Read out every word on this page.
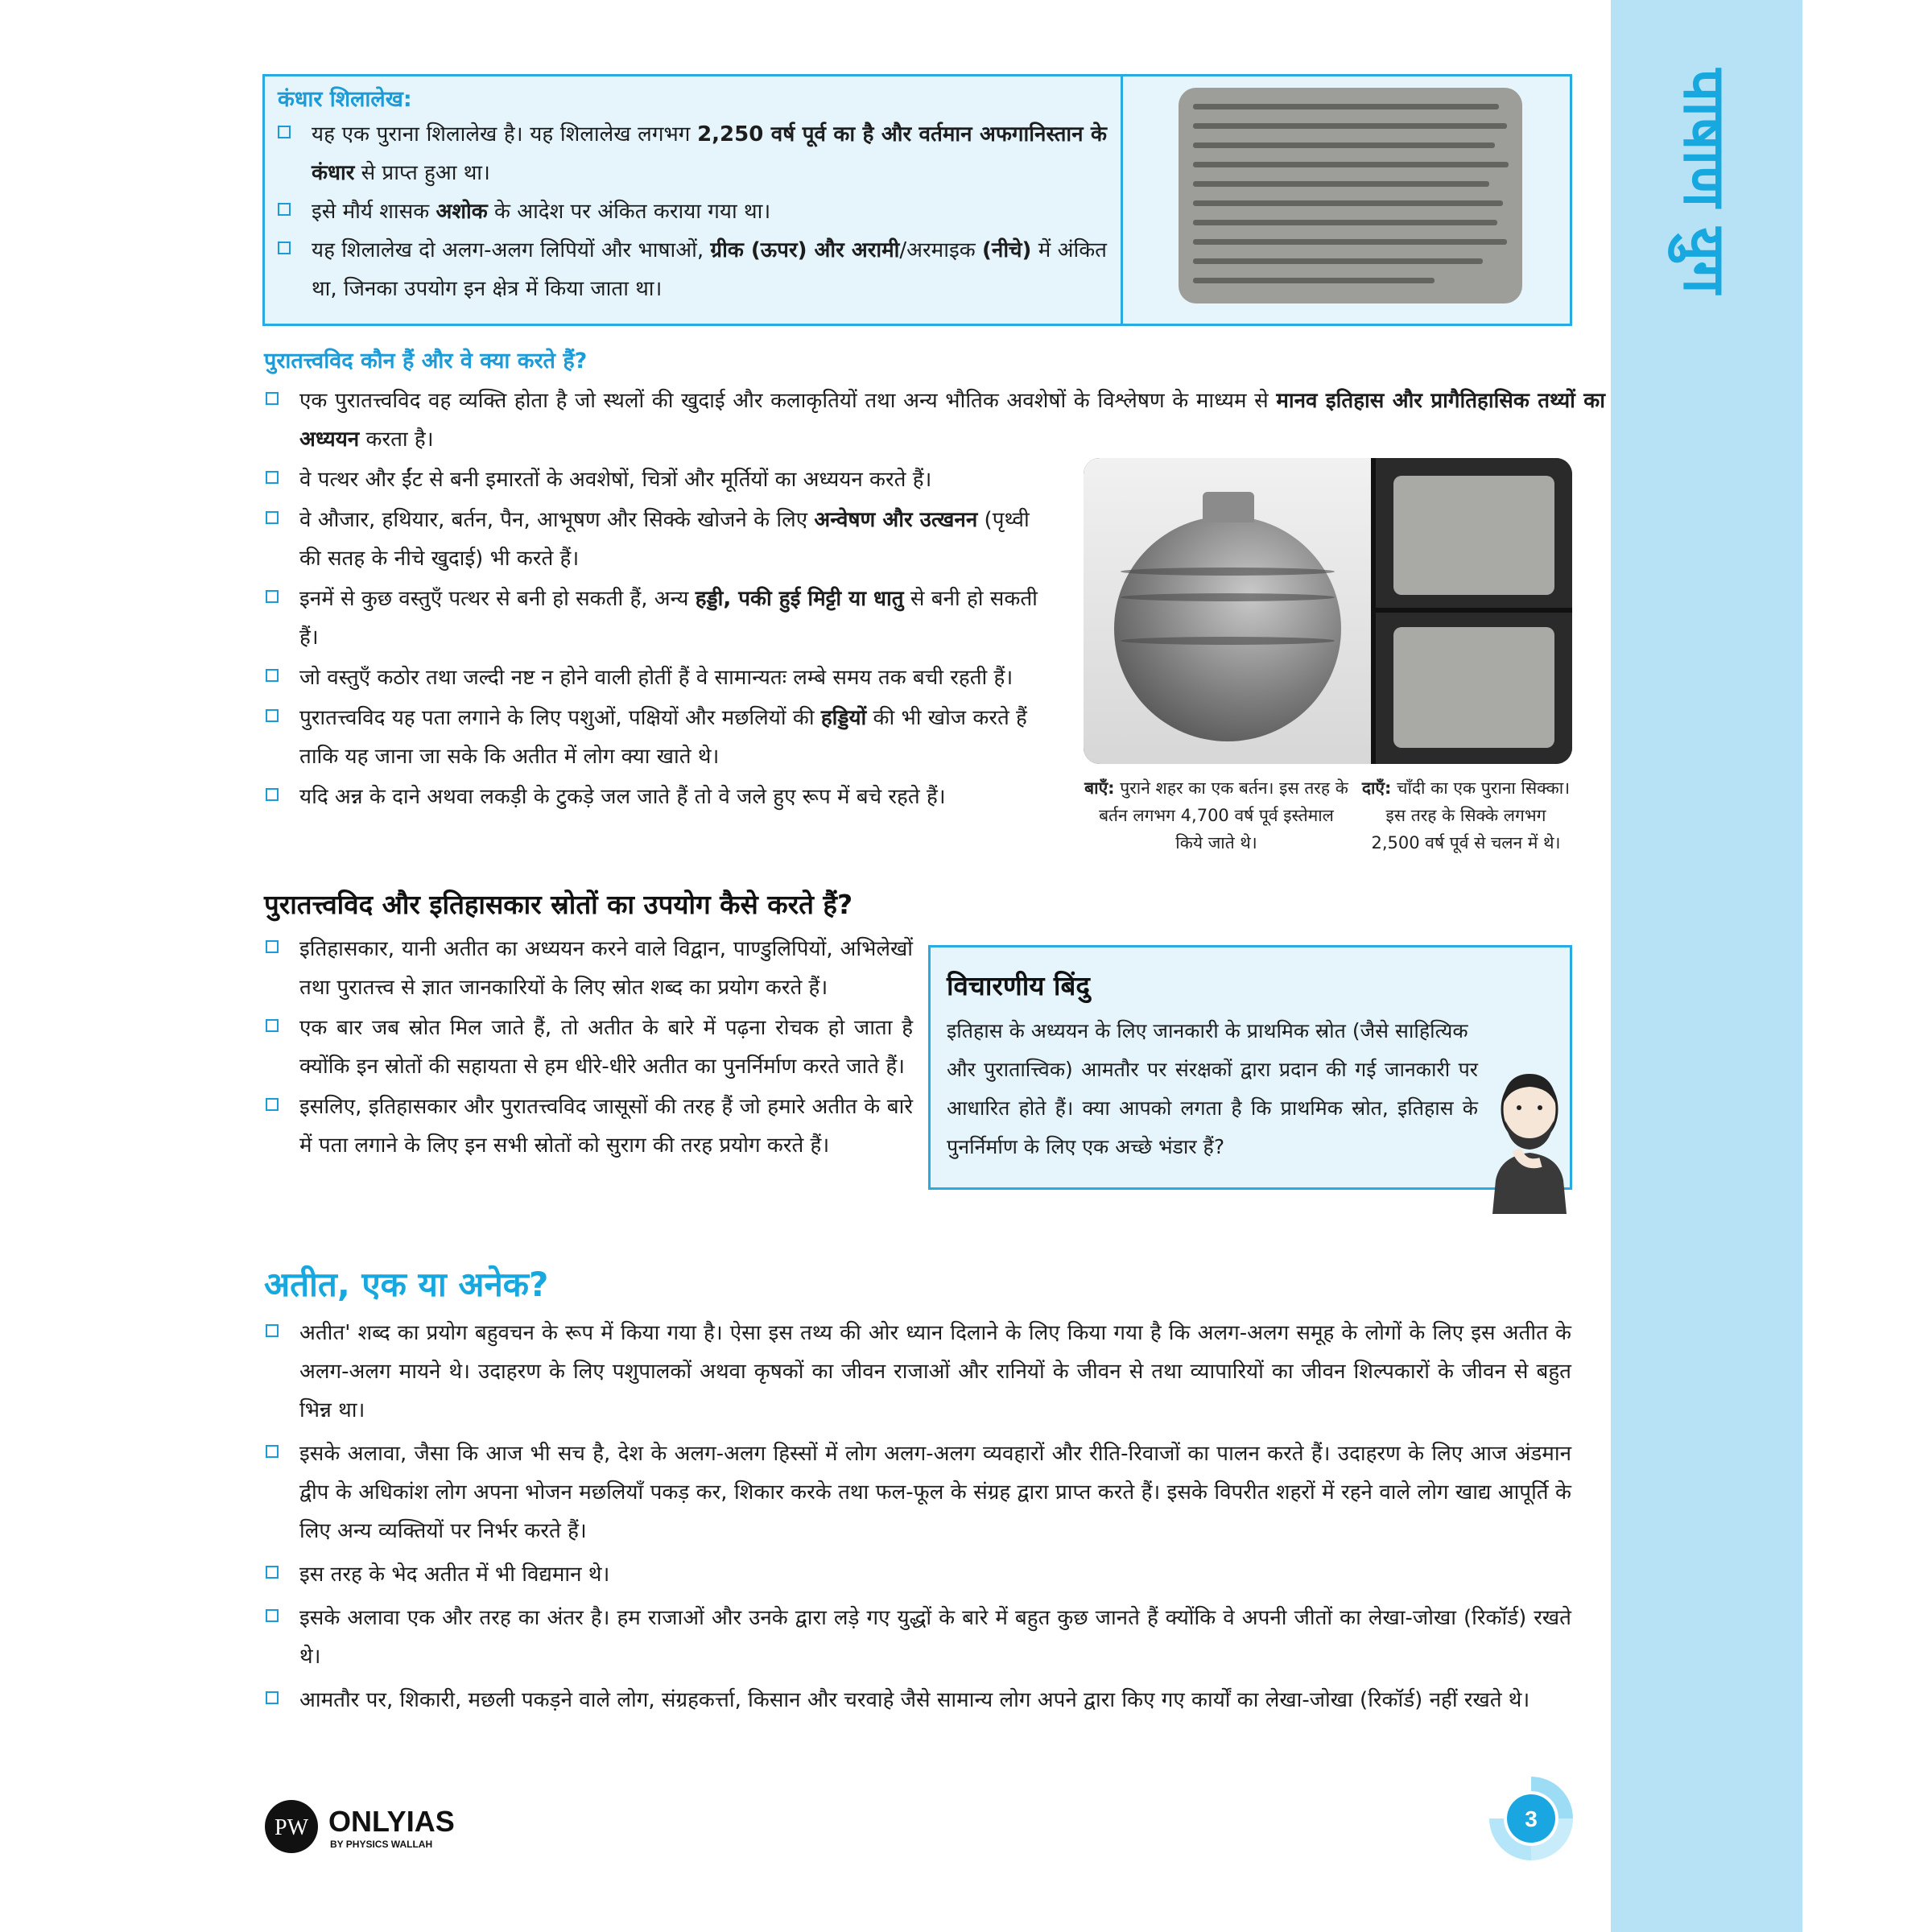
पाषाण युग
कंधार शिलालेख:
यह एक पुराना शिलालेख है। यह शिलालेख लगभग 2,250 वर्ष पूर्व का है और वर्तमान अफगानिस्तान के कंधार से प्राप्त हुआ था।
इसे मौर्य शासक अशोक के आदेश पर अंकित कराया गया था।
यह शिलालेख दो अलग-अलग लिपियों और भाषाओं, ग्रीक (ऊपर) और अरामी/अरमाइक (नीचे) में अंकित था, जिनका उपयोग इन क्षेत्र में किया जाता था।
पुरातत्त्वविद कौन हैं और वे क्या करते हैं?
एक पुरातत्त्वविद वह व्यक्ति होता है जो स्थलों की खुदाई और कलाकृतियों तथा अन्य भौतिक अवशेषों के विश्लेषण के माध्यम से मानव इतिहास और प्रागैतिहासिक तथ्यों का अध्ययन करता है।
वे पत्थर और ईंट से बनी इमारतों के अवशेषों, चित्रों और मूर्तियों का अध्ययन करते हैं।
वे औजार, हथियार, बर्तन, पैन, आभूषण और सिक्के खोजने के लिए अन्वेषण और उत्खनन (पृथ्वी की सतह के नीचे खुदाई) भी करते हैं।
इनमें से कुछ वस्तुएँ पत्थर से बनी हो सकती हैं, अन्य हड्डी, पकी हुई मिट्टी या धातु से बनी हो सकती हैं।
जो वस्तुएँ कठोर तथा जल्दी नष्ट न होने वाली होतीं हैं वे सामान्यतः लम्बे समय तक बची रहती हैं।
पुरातत्त्वविद यह पता लगाने के लिए पशुओं, पक्षियों और मछलियों की हड्डियों की भी खोज करते हैं ताकि यह जाना जा सके कि अतीत में लोग क्या खाते थे।
यदि अन्न के दाने अथवा लकड़ी के टुकड़े जल जाते हैं तो वे जले हुए रूप में बचे रहते हैं।	बाएँ: पुराने शहर का एक बर्तन। इस तरह के बर्तन लगभग 4,700 वर्ष पूर्व इस्तेमाल किये जाते थे।
दाएँ: चाँदी का एक पुराना सिक्का। इस तरह के सिक्के लगभग 2,500 वर्ष पूर्व से चलन में थे।
पुरातत्त्वविद और इतिहासकार स्रोतों का उपयोग कैसे करते हैं?
इतिहासकार, यानी अतीत का अध्ययन करने वाले विद्वान, पाण्डुलिपियों, अभिलेखों तथा पुरातत्त्व से ज्ञात जानकारियों के लिए स्रोत शब्द का प्रयोग करते हैं।
एक बार जब स्रोत मिल जाते हैं, तो अतीत के बारे में पढ़ना रोचक हो जाता है क्योंकि इन स्रोतों की सहायता से हम धीरे-धीरे अतीत का पुनर्निर्माण करते जाते हैं।
इसलिए, इतिहासकार और पुरातत्त्वविद जासूसों की तरह हैं जो हमारे अतीत के बारे में पता लगाने के लिए इन सभी स्रोतों को सुराग की तरह प्रयोग करते हैं।
विचारणीय बिंदु
इतिहास के अध्ययन के लिए जानकारी के प्राथमिक स्रोत (जैसे साहित्यिक
और पुरातात्त्विक) आमतौर पर संरक्षकों द्वारा प्रदान की गई जानकारी पर आधारित होते हैं। क्या आपको लगता है कि प्राथमिक स्रोत, इतिहास के पुनर्निर्माण के लिए एक अच्छे भंडार हैं?
अतीत, एक या अनेक?
अतीत' शब्द का प्रयोग बहुवचन के रूप में किया गया है। ऐसा इस तथ्य की ओर ध्यान दिलाने के लिए किया गया है कि अलग-अलग समूह के लोगों के लिए इस अतीत के अलग-अलग मायने थे। उदाहरण के लिए पशुपालकों अथवा कृषकों का जीवन राजाओं और रानियों के जीवन से तथा व्यापारियों का जीवन शिल्पकारों के जीवन से बहुत भिन्न था।
इसके अलावा, जैसा कि आज भी सच है, देश के अलग-अलग हिस्सों में लोग अलग-अलग व्यवहारों और रीति-रिवाजों का पालन करते हैं। उदाहरण के लिए आज अंडमान द्वीप के अधिकांश लोग अपना भोजन मछलियाँ पकड़ कर, शिकार करके तथा फल-फूल के संग्रह द्वारा प्राप्त करते हैं। इसके विपरीत शहरों में रहने वाले लोग खाद्य आपूर्ति के लिए अन्य व्यक्तियों पर निर्भर करते हैं।
इस तरह के भेद अतीत में भी विद्यमान थे।
इसके अलावा एक और तरह का अंतर है। हम राजाओं और उनके द्वारा लड़े गए युद्धों के बारे में बहुत कुछ जानते हैं क्योंकि वे अपनी जीतों का लेखा-जोखा (रिकॉर्ड) रखते थे।
आमतौर पर, शिकारी, मछली पकड़ने वाले लोग, संग्रहकर्त्ता, किसान और चरवाहे जैसे सामान्य लोग अपने द्वारा किए गए कार्यों का लेखा-जोखा (रिकॉर्ड) नहीं रखते थे।
PW ONLYIAS
BY PHYSICS WALLAH
3
